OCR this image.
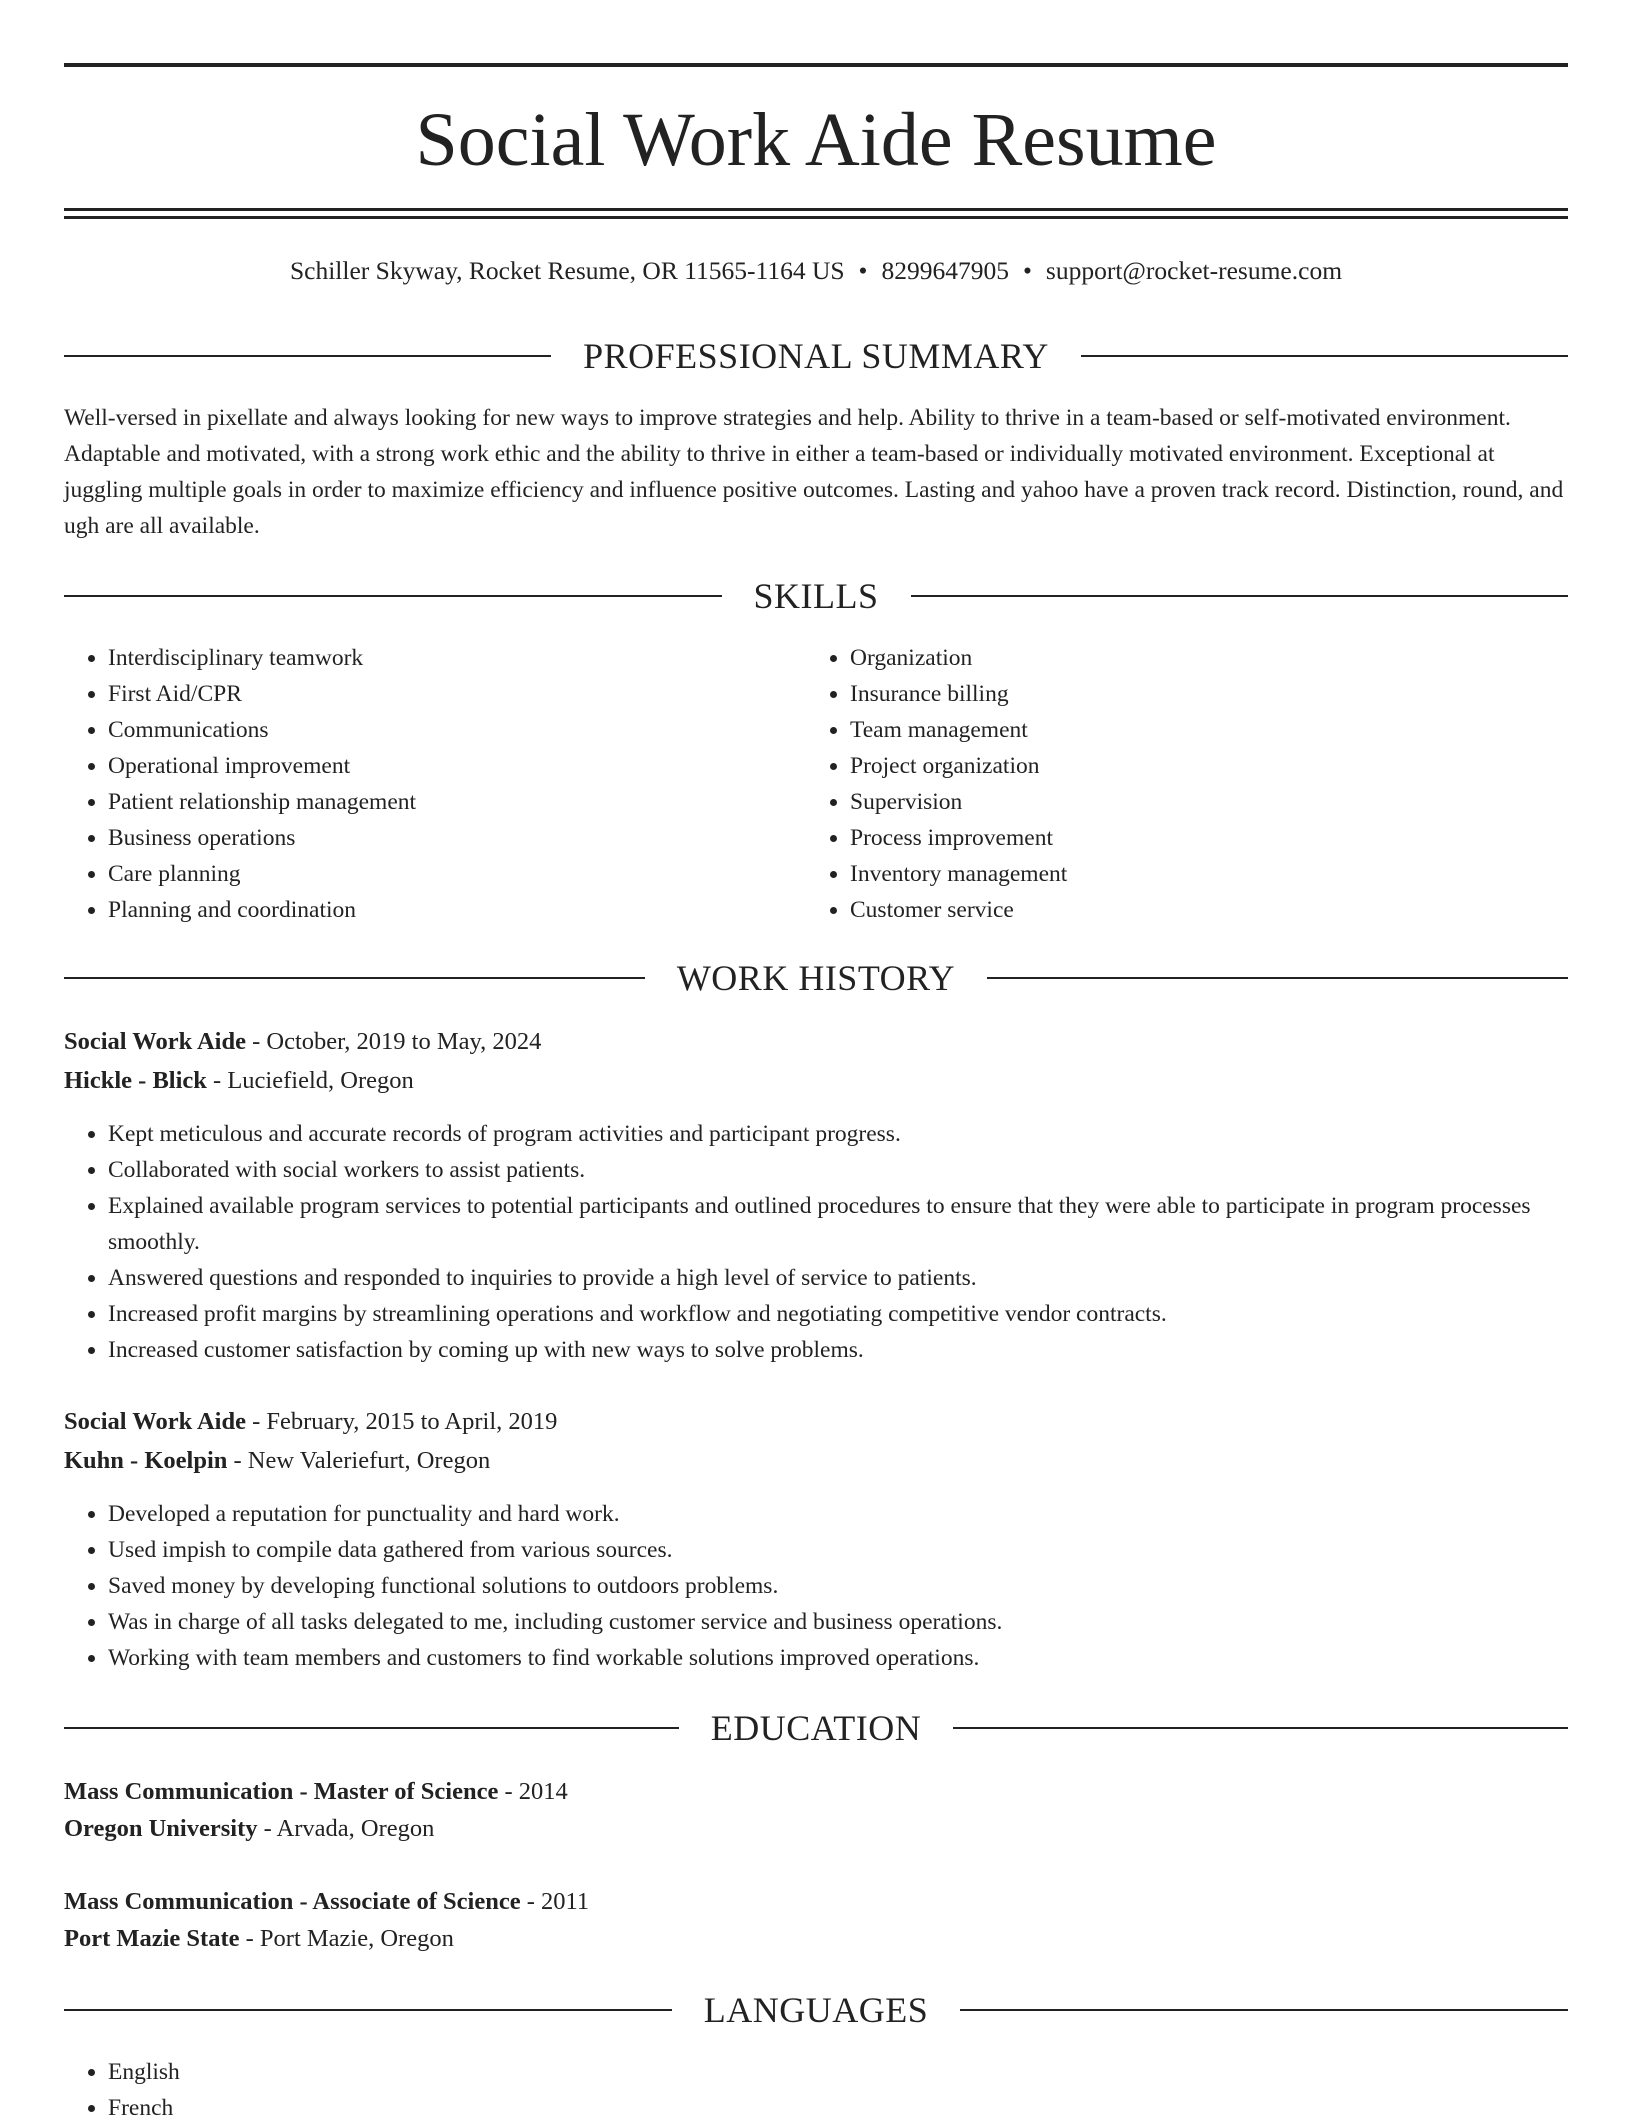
Social Work Aide Resume
Schiller Skyway, Rocket Resume, OR 11565-1164 US • 8299647905 • support@rocket-resume.com
PROFESSIONAL SUMMARY

Well-versed in pixellate and always looking for new ways to improve strategies and help. Ability to thrive in a team-based or self-motivated environment. Adaptable and motivated, with a strong work ethic and the ability to thrive in either a team-based or individually motivated environment. Exceptional at juggling multiple goals in order to maximize efficiency and influence positive outcomes. Lasting and yahoo have a proven track record. Distinction, round, and ugh are all available.

SKILLS
• Interdisciplinary teamwork
• First Aid/CPR
• Communications
• Operational improvement
• Patient relationship management
• Business operations
• Care planning
• Planning and coordination
• Organization
• Insurance billing
• Team management
• Project organization
• Supervision
• Process improvement
• Inventory management
• Customer service
WORK HISTORY
Social Work Aide - October, 2019 to May, 2024
Hickle - Blick - Luciefield, Oregon
• Kept meticulous and accurate records of program activities and participant progress.
• Collaborated with social workers to assist patients.
• Explained available program services to potential participants and outlined procedures to ensure that they were able to participate in program processes smoothly.
• Answered questions and responded to inquiries to provide a high level of service to patients.
• Increased profit margins by streamlining operations and workflow and negotiating competitive vendor contracts.
• Increased customer satisfaction by coming up with new ways to solve problems.
Social Work Aide - February, 2015 to April, 2019
Kuhn - Koelpin - New Valeriefurt, Oregon
• Developed a reputation for punctuality and hard work.
• Used impish to compile data gathered from various sources.
• Saved money by developing functional solutions to outdoors problems.
• Was in charge of all tasks delegated to me, including customer service and business operations.
• Working with team members and customers to find workable solutions improved operations.
EDUCATION
Mass Communication - Master of Science - 2014
Oregon University - Arvada, Oregon
Mass Communication - Associate of Science - 2011
Port Mazie State - Port Mazie, Oregon
LANGUAGES
• English
• French
